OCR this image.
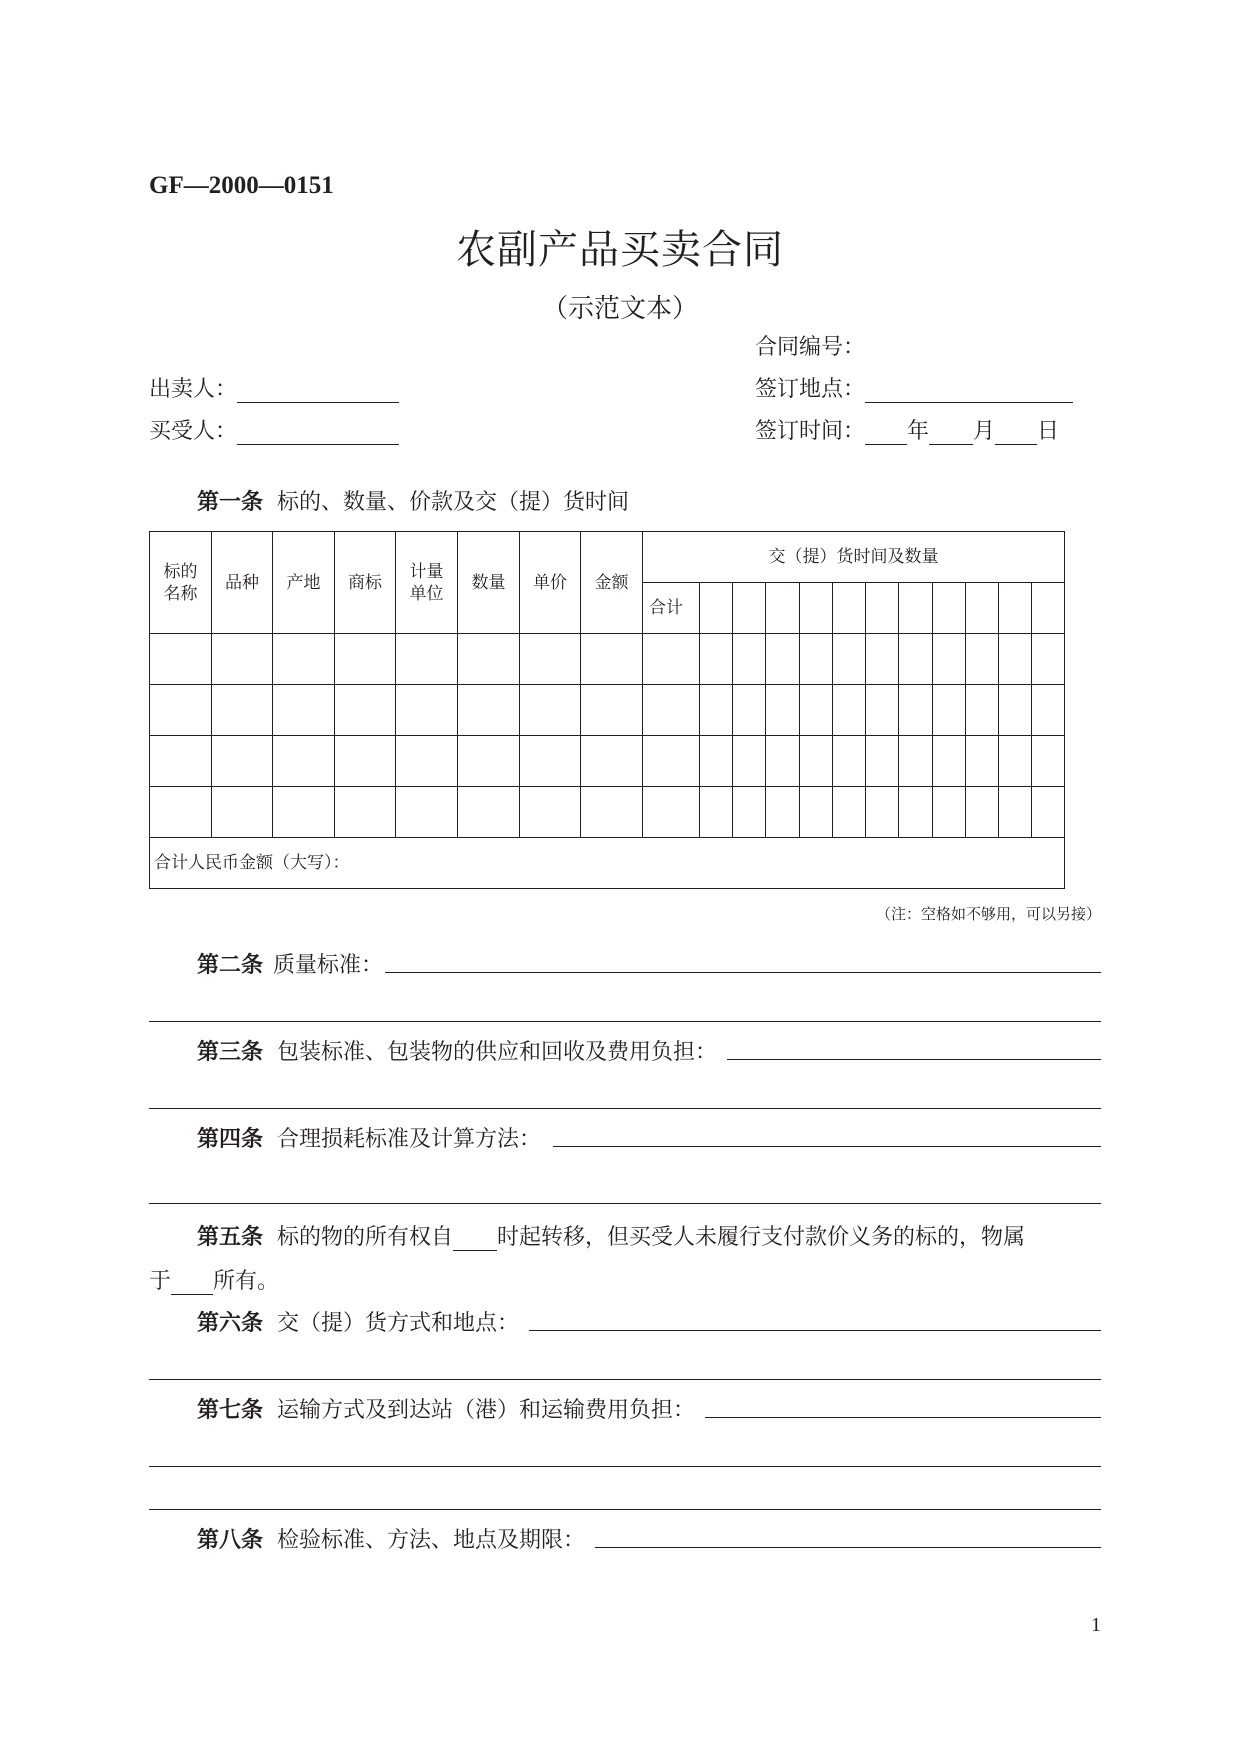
GF—2000—0151
农副产品买卖合同
（示范文本）
合同编号：
出卖人：	签订地点：
买受人：	签订时间： 年 月 日
第一条 标的、数量、价款及交（提）货时间
标的名称	品种	产地	商标	计量单位	数量	单价	金额	交（提）货时间及数量											
								合计											

合计人民币金额（大写）：																			
（注：空格如不够用，可以另接）
第二条 质量标准：
第三条 包装标准、包装物的供应和回收及费用负担：
第四条 合理损耗标准及计算方法：
第五条 标的物的所有权自 时起转移，但买受人未履行支付款价义务的标的，物属
于 所有。
第六条 交（提）货方式和地点：
第七条 运输方式及到达站（港）和运输费用负担：
第八条 检验标准、方法、地点及期限：
1
